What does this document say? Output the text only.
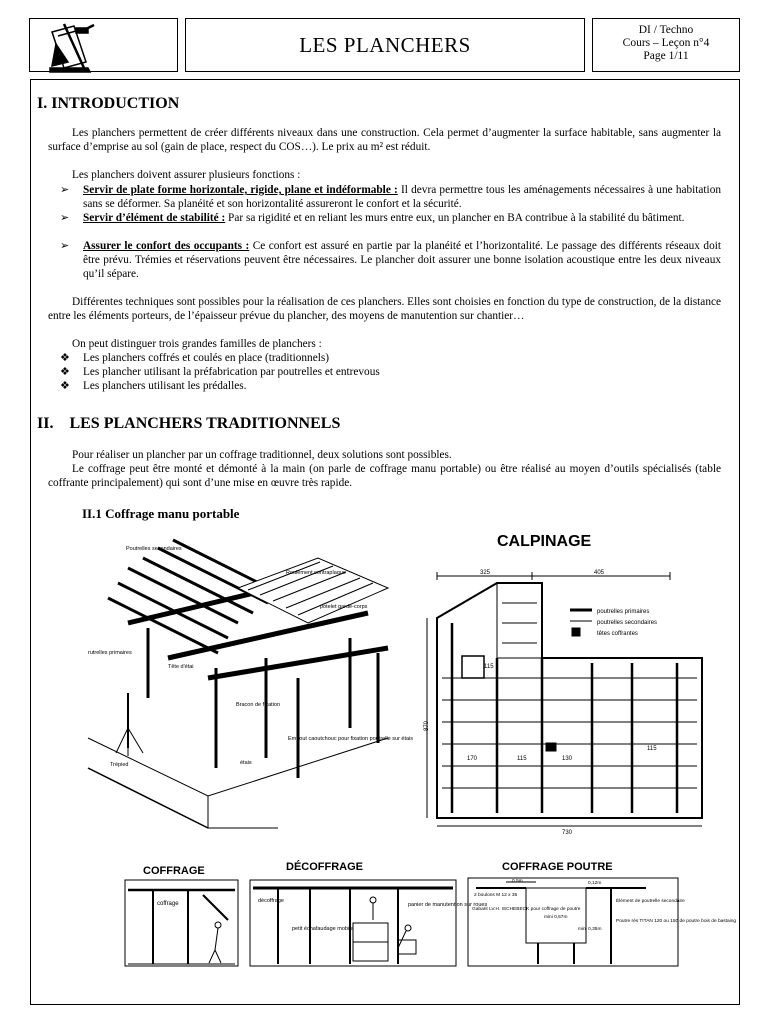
LES PLANCHERS
DI / Techno
Cours – Leçon n°4
Page 1/11
I. INTRODUCTION
Les planchers permettent de créer différents niveaux dans une construction. Cela permet d’augmenter la surface habitable, sans augmenter la surface d’emprise au sol (gain de place, respect du COS…). Le prix au m² est réduit.
Les planchers doivent assurer plusieurs fonctions :
➢ Servir de plate forme horizontale, rigide, plane et indéformable : Il devra permettre tous les aménagements nécessaires à une habitation sans se déformer. Sa planéité et son horizontalité assureront le confort et la sécurité.
➢ Servir d’élément de stabilité : Par sa rigidité et en reliant les murs entre eux, un plancher en BA contribue à la stabilité du bâtiment.
➢ Assurer le confort des occupants : Ce confort est assuré en partie par la planéité et l’horizontalité. Le passage des différents réseaux doit être prévu. Trémies et réservations peuvent être nécessaires. Le plancher doit assurer une bonne isolation acoustique entre les deux niveaux qu’il sépare.
Différentes techniques sont possibles pour la réalisation de ces planchers. Elles sont choisies en fonction du type de construction, de la distance entre les éléments porteurs, de l’épaisseur prévue du plancher, des moyens de manutention sur chantier…
On peut distinguer trois grandes familles de planchers :
❖ Les planchers coffrés et coulés en place (traditionnels)
❖ Les plancher utilisant la préfabrication par poutrelles et entrevous
❖ Les planchers utilisant les prédalles.
II.    LES PLANCHERS TRADITIONNELS
Pour réaliser un plancher par un coffrage traditionnel, deux solutions sont possibles.
Le coffrage peut être monté et démonté à la main (on parle de coffrage manu portable) ou être réalisé au moyen d’outils spécialisés (table coffrante principalement) qui sont d’une mise en œuvre très rapide.
II.1 Coffrage manu portable
Poutrelles secondaires
Roulement contraplaque
potelet garde-corps
rutrelles primaires
Tête d'étai
Bracon de fixation
Embout caoutchouc pour fixation poutrelle sur étais
Trépied	étais
CALPINAGE
poutrelles primaires
poutrelles secondaires
têtes coffrantes
325	405
870
730
170	115	130
115
115
COFFRAGE
coffrage
DÉCOFFRAGE
décoffrage
petit échafaudage mobile
panier de manutention sur roues
COFFRAGE POUTRE
Gabarit LV.H. ISCHEBECK pour coffrage de poutre
2 boulons M 12 x 35
Élément de poutrelle secondaire
Poutre rés TITAN 120 ou 150 de poutre bois de bastaing
0,5m	0,12m
mini 0,67m
mini 0,35m
